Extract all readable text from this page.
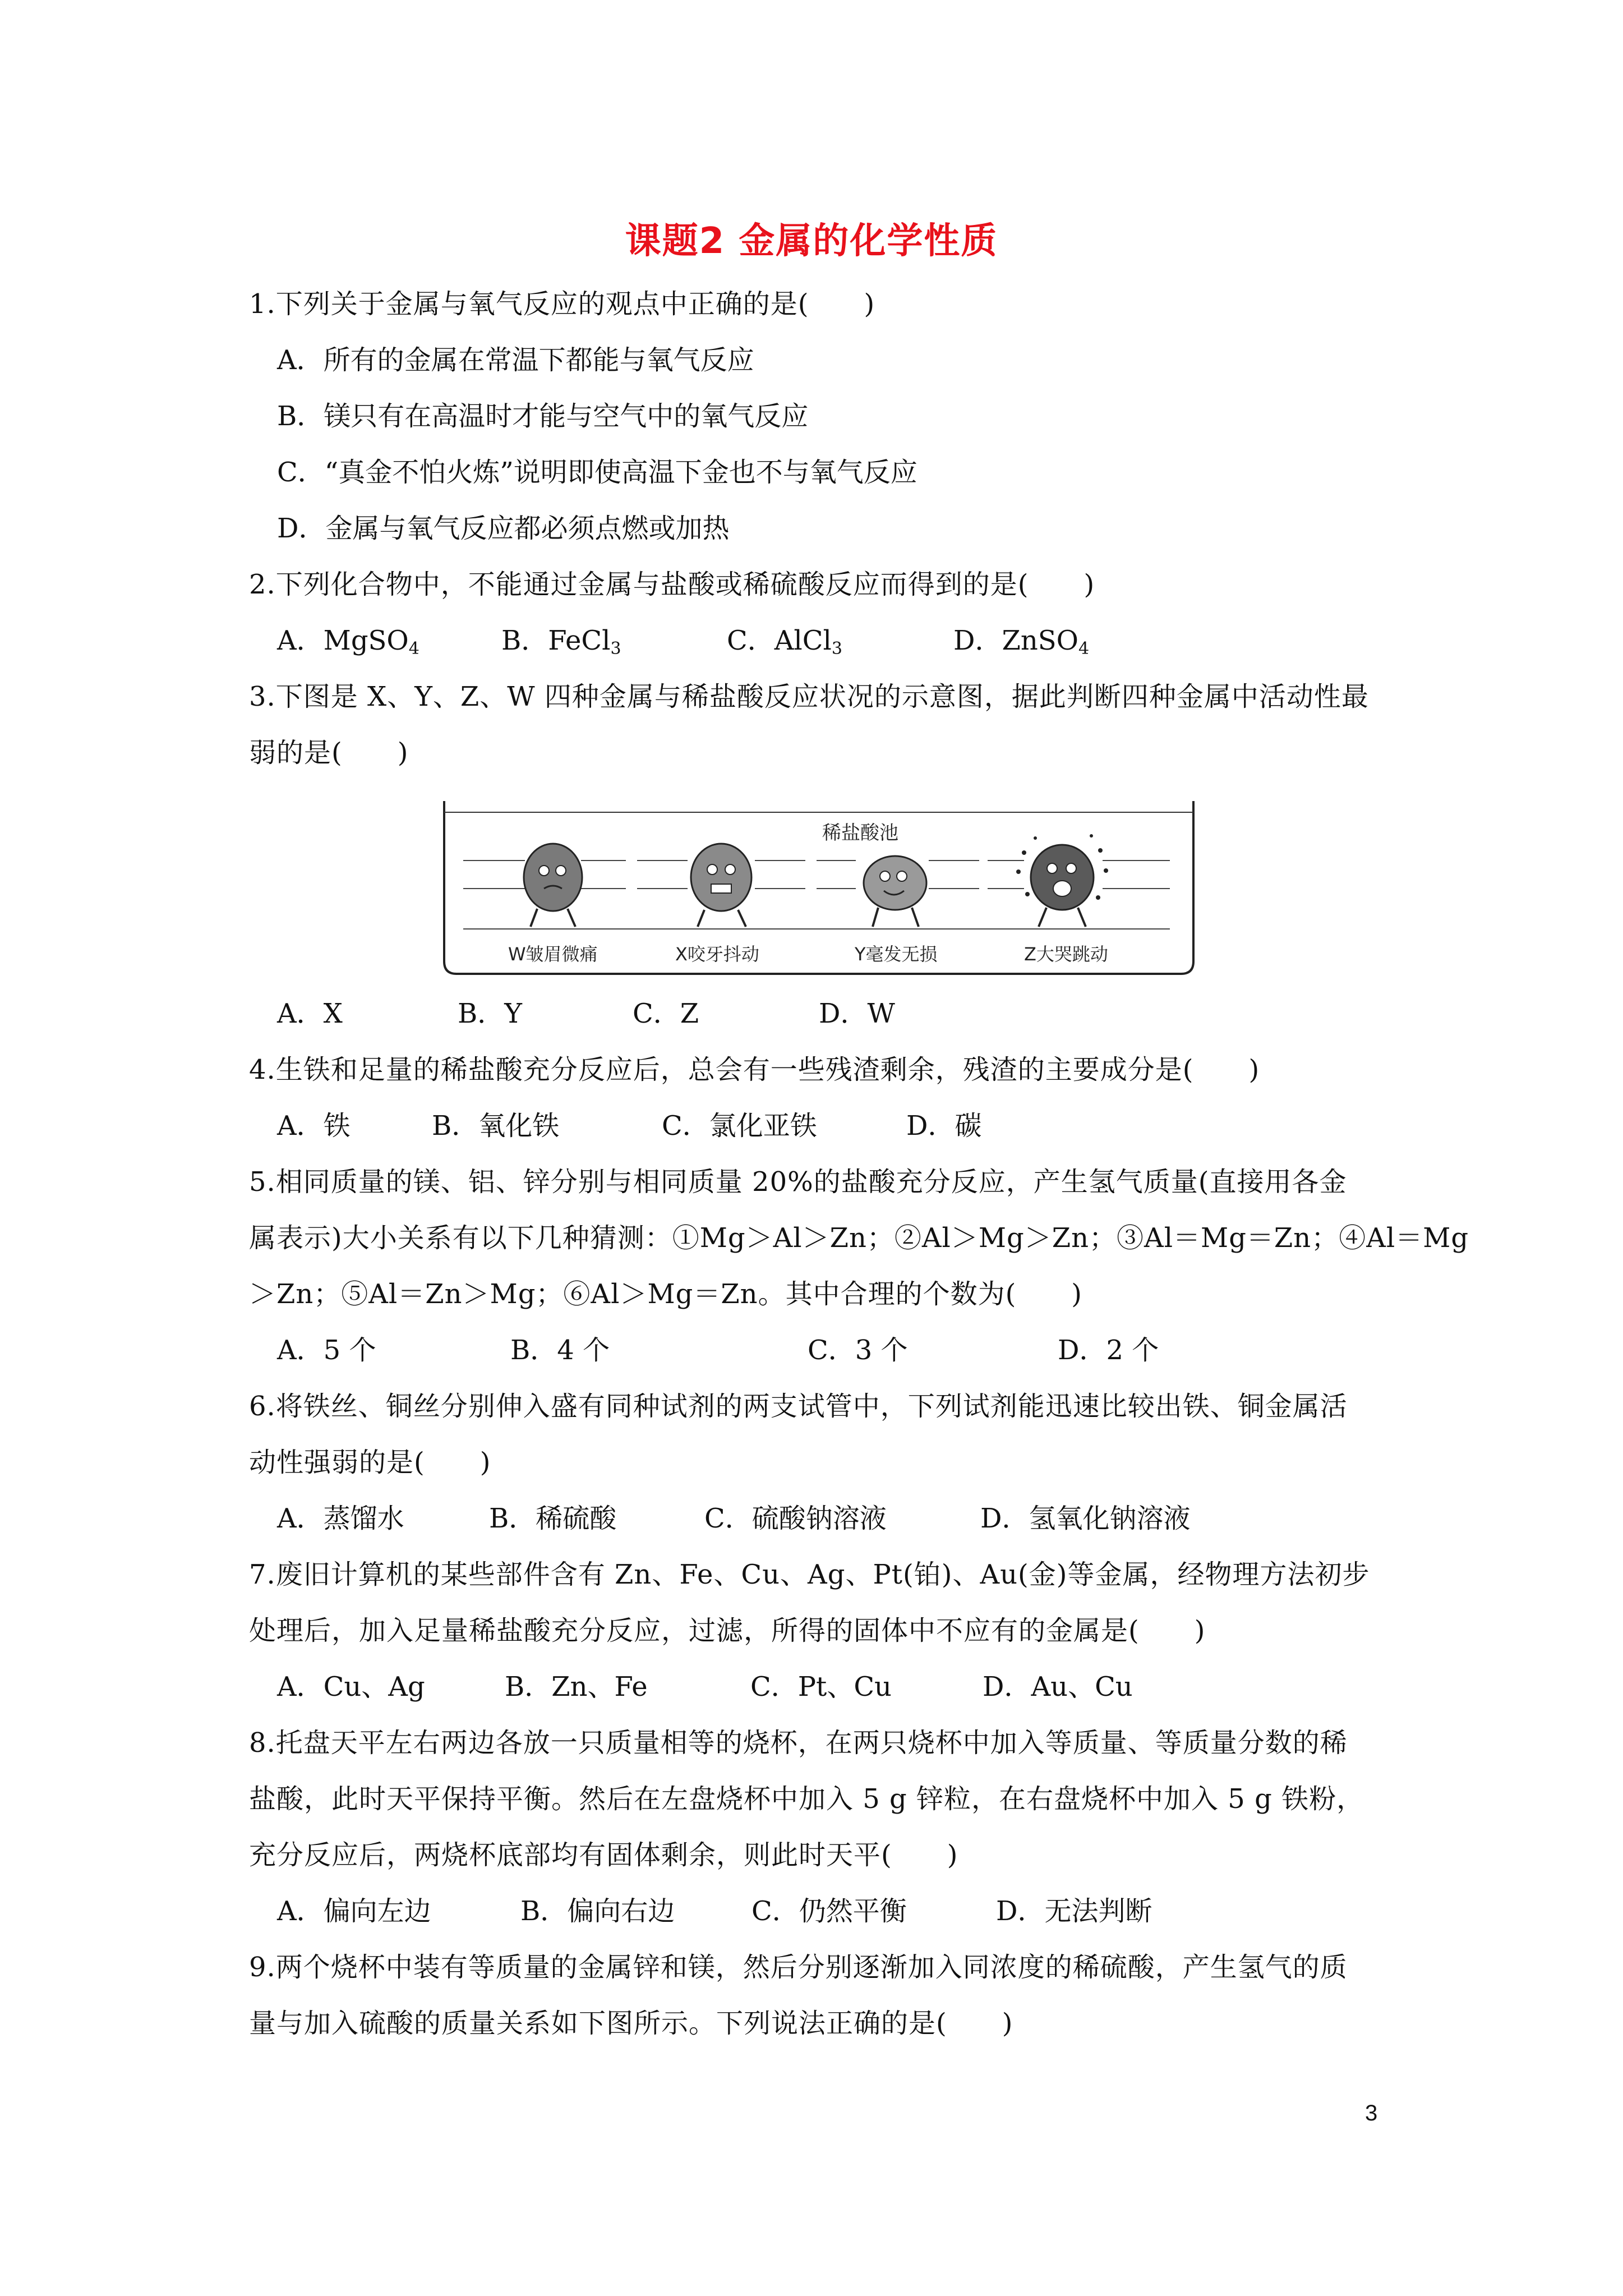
课题2 金属的化学性质
1.下列关于金属与氧气反应的观点中正确的是(　　)
A．所有的金属在常温下都能与氧气反应
B．镁只有在高温时才能与空气中的氧气反应
C．“真金不怕火炼”说明即使高温下金也不与氧气反应
D．金属与氧气反应都必须点燃或加热
2.下列化合物中，不能通过金属与盐酸或稀硫酸反应而得到的是(　　)
A．MgSO$_4$	B．FeCl$_3$	C．AlCl$_3$	D．ZnSO$_4$
3.下图是 X、Y、Z、W 四种金属与稀盐酸反应状况的示意图，据此判断四种金属中活动性最
弱的是(　　)
稀盐酸池
W皱眉微痛	X咬牙抖动	Y毫发无损	Z大哭跳动
A．X	B．Y	C．Z	D．W
4.生铁和足量的稀盐酸充分反应后，总会有一些残渣剩余，残渣的主要成分是(　　)
A．铁	B．氧化铁	C．氯化亚铁	D．碳
5.相同质量的镁、铝、锌分别与相同质量 20%的盐酸充分反应，产生氢气质量(直接用各金
属表示)大小关系有以下几种猜测：①Mg＞Al＞Zn；②Al＞Mg＞Zn；③Al＝Mg＝Zn；④Al＝Mg
＞Zn；⑤Al＝Zn＞Mg；⑥Al＞Mg＝Zn。其中合理的个数为(　　)
A．5 个	B．4 个	C．3 个	D．2 个
6.将铁丝、铜丝分别伸入盛有同种试剂的两支试管中，下列试剂能迅速比较出铁、铜金属活
动性强弱的是(　　)
A．蒸馏水	B．稀硫酸	C．硫酸钠溶液	D．氢氧化钠溶液
7.废旧计算机的某些部件含有 Zn、Fe、Cu、Ag、Pt(铂)、Au(金)等金属，经物理方法初步
处理后，加入足量稀盐酸充分反应，过滤，所得的固体中不应有的金属是(　　)
A．Cu、Ag	B．Zn、Fe	C．Pt、Cu	D．Au、Cu
8.托盘天平左右两边各放一只质量相等的烧杯，在两只烧杯中加入等质量、等质量分数的稀
盐酸，此时天平保持平衡。然后在左盘烧杯中加入 5 g 锌粒，在右盘烧杯中加入 5 g 铁粉，
充分反应后，两烧杯底部均有固体剩余，则此时天平(　　)
A．偏向左边	B．偏向右边	C．仍然平衡	D．无法判断
9.两个烧杯中装有等质量的金属锌和镁，然后分别逐渐加入同浓度的稀硫酸，产生氢气的质
量与加入硫酸的质量关系如下图所示。下列说法正确的是(　　)
3
